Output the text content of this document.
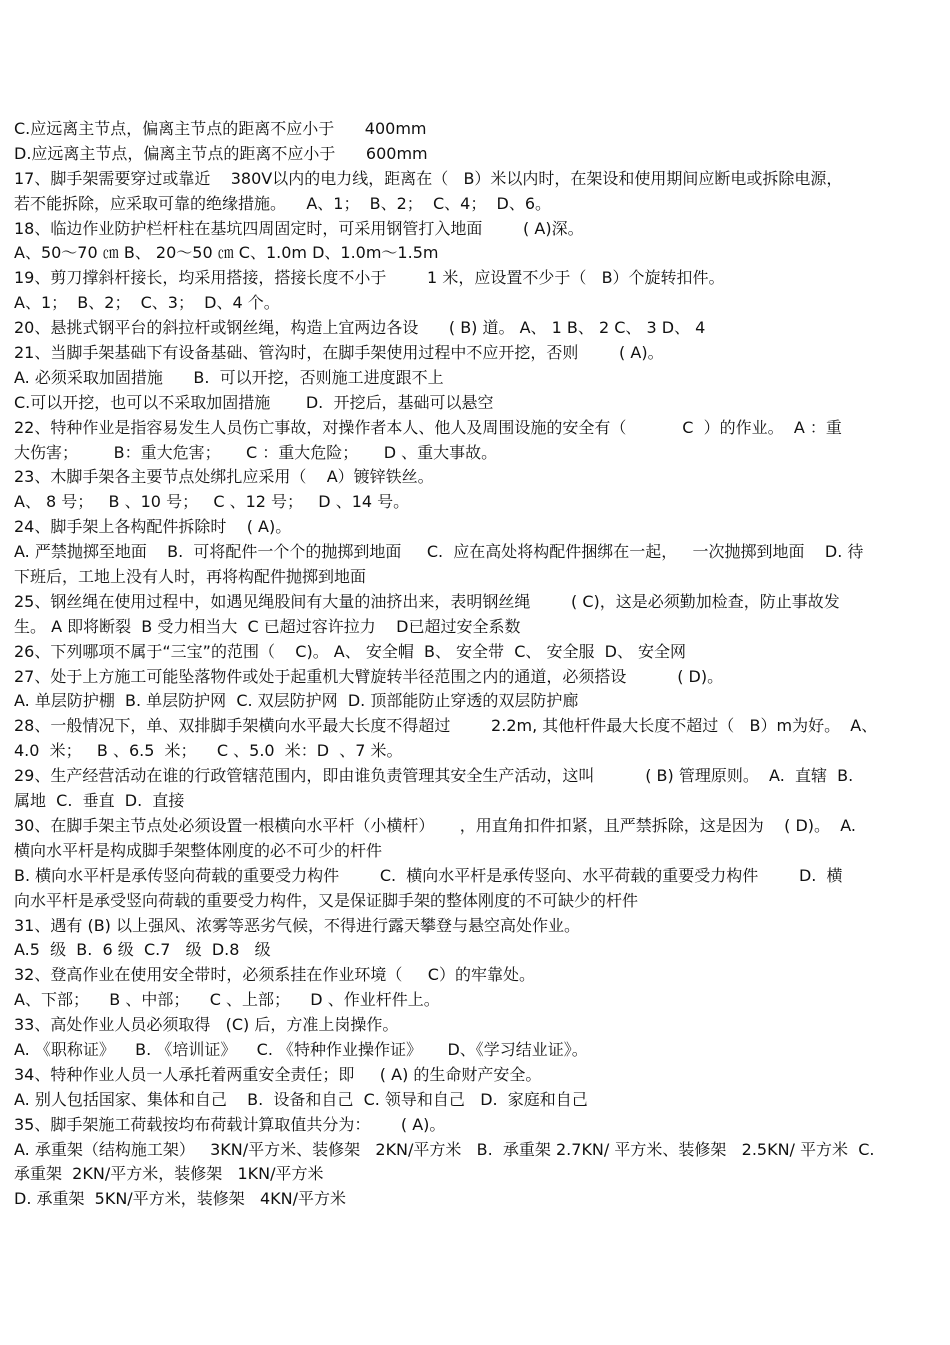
C.应远离主节点，偏离主节点的距离不应小于      400mm
D.应远离主节点，偏离主节点的距离不应小于      600mm
17、脚手架需要穿过或靠近    380V以内的电力线，距离在（   B）米以内时，在架设和使用期间应断电或拆除电源，
若不能拆除，应采取可靠的绝缘措施。    A、1；  B、2；  C、4；  D、6。
18、临边作业防护栏杆柱在基坑四周固定时，可采用钢管打入地面        ( A)深。
A、50～70 ㎝ B、 20～50 ㎝ C、1.0m D、1.0m～1.5m
19、剪刀撑斜杆接长，均采用搭接，搭接长度不小于        1 米，应设置不少于（   B）个旋转扣件。
A、1；  B、2；  C、3；  D、4 个。
20、悬挑式钢平台的斜拉杆或钢丝绳，构造上宜两边各设      ( B) 道。 A、 1 B、 2 C、 3 D、 4
21、当脚手架基础下有设备基础、管沟时，在脚手架使用过程中不应开挖，否则        ( A)。
A. 必须采取加固措施      B.  可以开挖，否则施工进度跟不上
C.可以开挖，也可以不采取加固措施       D.  开挖后，基础可以悬空
22、特种作业是指容易发生人员伤亡事故，对操作者本人、他人及周围设施的安全有（           C  ）的作业。  A ：重
大伤害；       B：重大危害；     C ：重大危险；     D 、重大事故。
23、木脚手架各主要节点处绑扎应采用（    A）镀锌铁丝。
A、 8 号；   B 、10 号；   C 、12 号；   D 、14 号。
24、脚手架上各构配件拆除时    ( A)。
A. 严禁抛掷至地面    B.  可将配件一个个的抛掷到地面     C.  应在高处将构配件捆绑在一起，   一次抛掷到地面    D. 待
下班后，工地上没有人时，再将构配件抛掷到地面
25、钢丝绳在使用过程中，如遇见绳股间有大量的油挤出来，表明钢丝绳        ( C)，这是必须勤加检查，防止事故发
生。 A 即将断裂  B 受力相当大  C 已超过容许拉力    D已超过安全系数
26、下列哪项不属于“三宝”的范围（    C)。 A、 安全帽  B、 安全带  C、 安全服  D、 安全网
27、处于上方施工可能坠落物件或处于起重机大臂旋转半径范围之内的通道，必须搭设          ( D)。
A. 单层防护棚  B. 单层防护网  C. 双层防护网  D. 顶部能防止穿透的双层防护廊
28、一般情况下，单、双排脚手架横向水平最大长度不得超过        2.2m, 其他杆件最大长度不超过（   B）m为好。  A、
4.0  米；   B 、6.5  米；    C 、5.0  米：D  、7 米。
29、生产经营活动在谁的行政管辖范围内，即由谁负责管理其安全生产活动，这叫          ( B) 管理原则。  A.  直辖  B.
属地  C.  垂直  D.  直接
30、在脚手架主节点处必须设置一根横向水平杆（小横杆）     ，用直角扣件扣紧，且严禁拆除，这是因为    ( D)。  A.
横向水平杆是构成脚手架整体刚度的必不可少的杆件
B. 横向水平杆是承传竖向荷载的重要受力构件        C.  横向水平杆是承传竖向、水平荷载的重要受力构件        D.  横
向水平杆是承受竖向荷载的重要受力构件，又是保证脚手架的整体刚度的不可缺少的杆件
31、遇有 (B) 以上强风、浓雾等恶劣气候，不得进行露天攀登与悬空高处作业。
A.5  级  B.  6 级  C.7   级  D.8   级
32、登高作业在使用安全带时，必须系挂在作业环境（     C）的牢靠处。
A、下部；    B 、中部；    C 、上部；    D 、作业杆件上。
33、高处作业人员必须取得   (C) 后，方准上岗操作。
A. 《职称证》    B. 《培训证》    C. 《特种作业操作证》     D、《学习结业证》。
34、特种作业人员一人承托着两重安全责任；即     ( A) 的生命财产安全。
A. 别人包括国家、集体和自己    B.  设备和自己  C. 领导和自己   D.  家庭和自己
35、脚手架施工荷载按均布荷载计算取值共分为：      ( A)。
A. 承重架（结构施工架）   3KN/平方米、装修架   2KN/平方米   B.  承重架 2.7KN/ 平方米、装修架   2.5KN/ 平方米  C.
承重架  2KN/平方米，装修架   1KN/平方米
D. 承重架  5KN/平方米，装修架   4KN/平方米
